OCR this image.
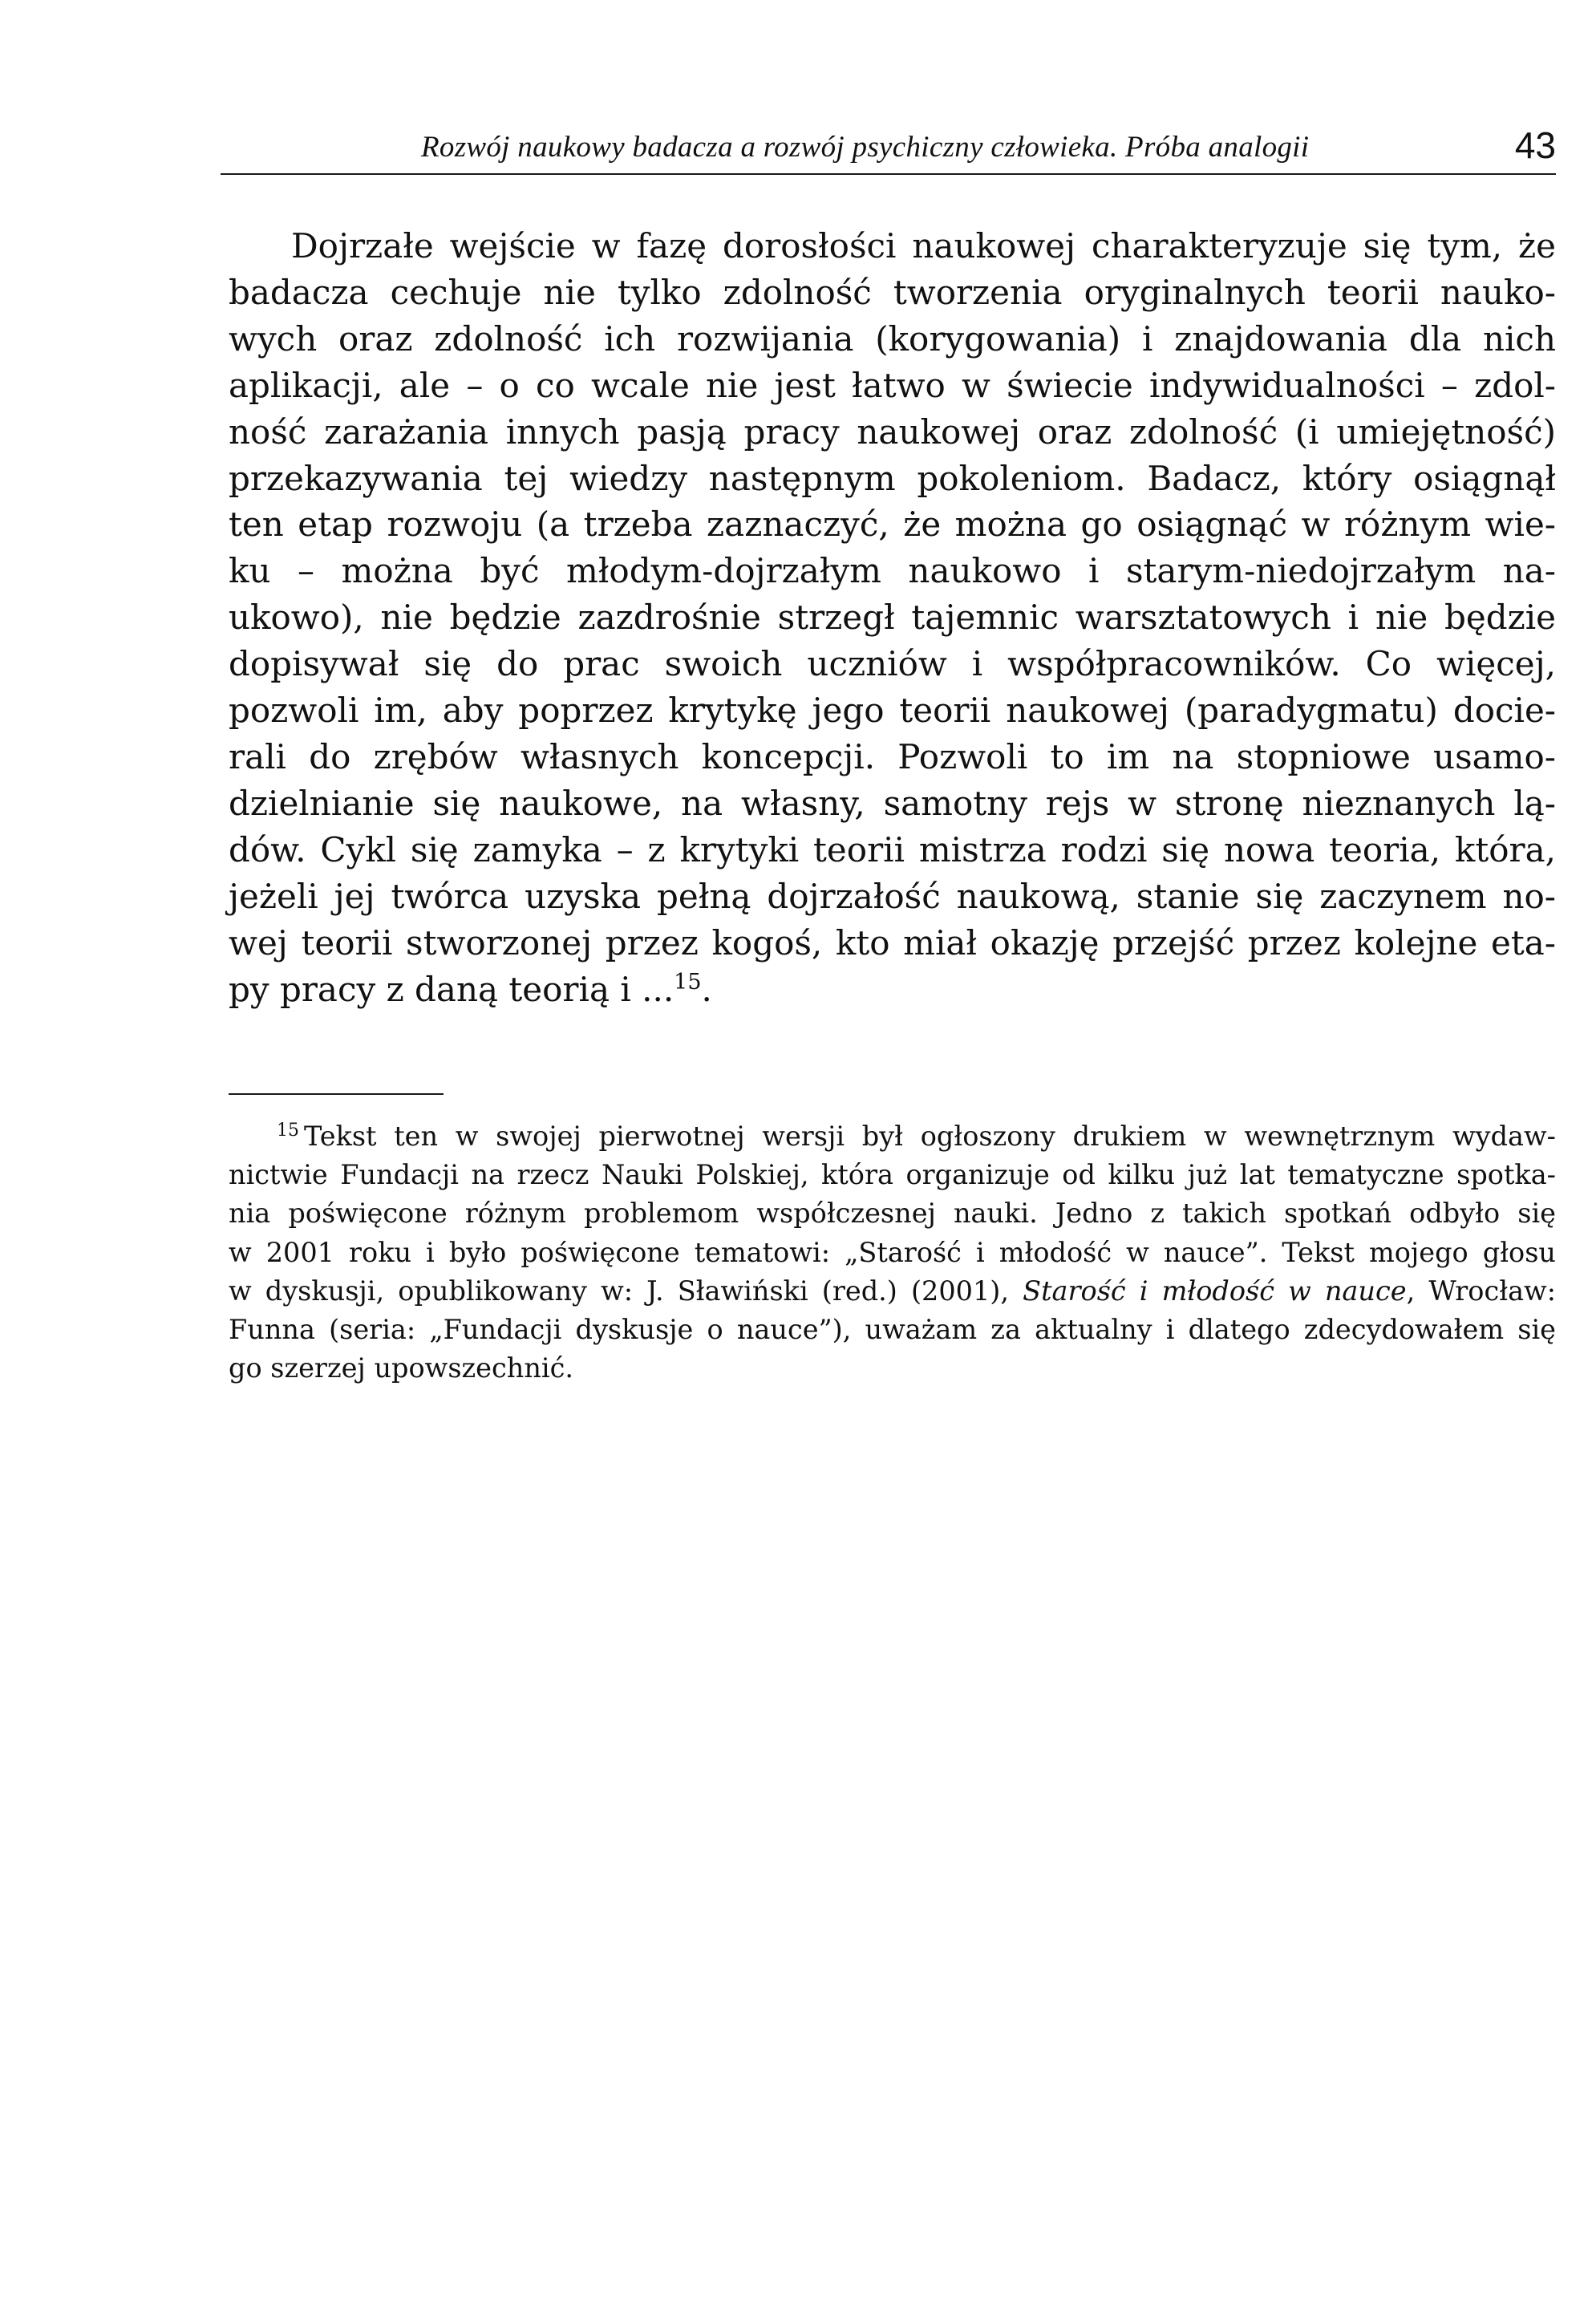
Rozwój naukowy badacza a rozwój psychiczny człowieka. Próba analogii	43
Dojrzałe wejście w fazę dorosłości naukowej charakteryzuje się tym, że
badacza cechuje nie tylko zdolność tworzenia oryginalnych teorii nauko-
wych oraz zdolność ich rozwijania (korygowania) i znajdowania dla nich
aplikacji, ale – o co wcale nie jest łatwo w świecie indywidualności – zdol-
ność zarażania innych pasją pracy naukowej oraz zdolność (i umiejętność)
przekazywania tej wiedzy następnym pokoleniom. Badacz, który osiągnął
ten etap rozwoju (a trzeba zaznaczyć, że można go osiągnąć w różnym wie-
ku – można być młodym-dojrzałym naukowo i starym-niedojrzałym na-
ukowo), nie będzie zazdrośnie strzegł tajemnic warsztatowych i nie będzie
dopisywał się do prac swoich uczniów i współpracowników. Co więcej,
pozwoli im, aby poprzez krytykę jego teorii naukowej (paradygmatu) docie-
rali do zrębów własnych koncepcji. Pozwoli to im na stopniowe usamo-
dzielnianie się naukowe, na własny, samotny rejs w stronę nieznanych lą-
dów. Cykl się zamyka – z krytyki teorii mistrza rodzi się nowa teoria, która,
jeżeli jej twórca uzyska pełną dojrzałość naukową, stanie się zaczynem no-
wej teorii stworzonej przez kogoś, kto miał okazję przejść przez kolejne eta-
py pracy z daną teorią i ...$^{15}$.
$^{15}$ Tekst ten w swojej pierwotnej wersji był ogłoszony drukiem w wewnętrznym wydaw-
nictwie Fundacji na rzecz Nauki Polskiej, która organizuje od kilku już lat tematyczne spotka-
nia poświęcone różnym problemom współczesnej nauki. Jedno z takich spotkań odbyło się
w 2001 roku i było poświęcone tematowi: „Starość i młodość w nauce”. Tekst mojego głosu
w dyskusji, opublikowany w: J. Sławiński (red.) (2001), Starość i młodość w nauce, Wrocław:
Funna (seria: „Fundacji dyskusje o nauce”), uważam za aktualny i dlatego zdecydowałem się
go szerzej upowszechnić.
